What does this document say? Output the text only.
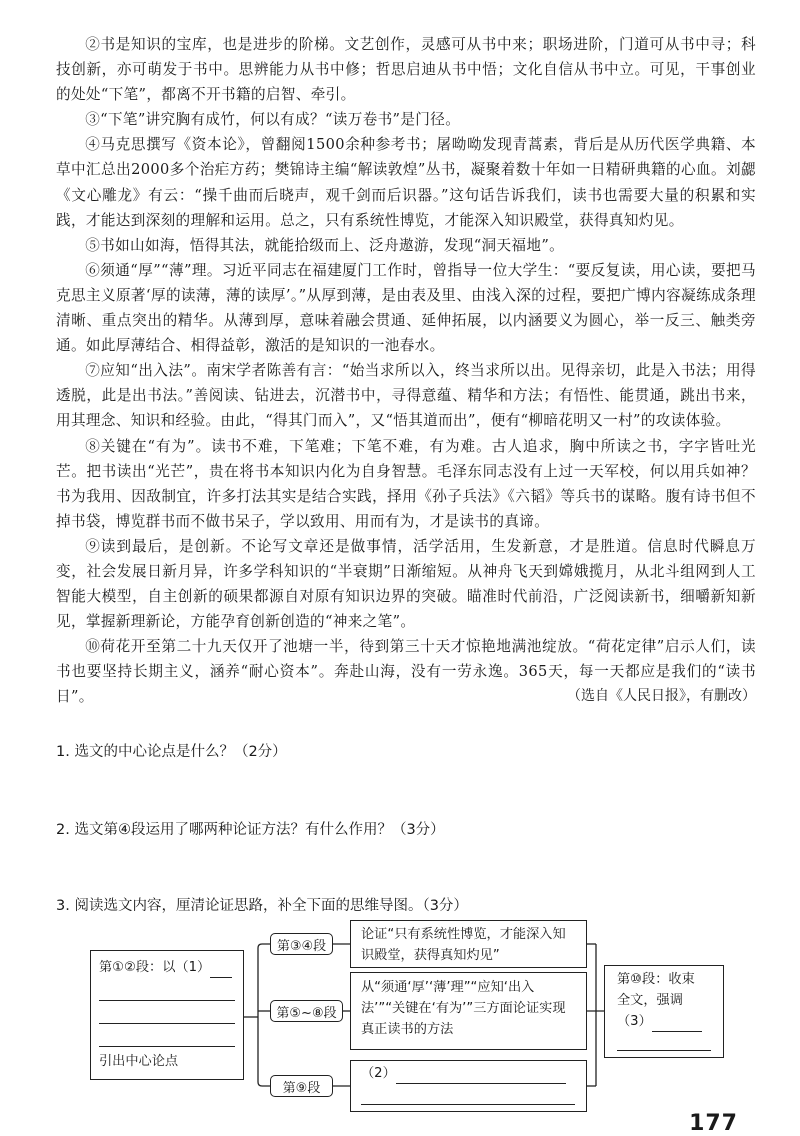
②书是知识的宝库，也是进步的阶梯。文艺创作，灵感可从书中来；职场进阶，门道可从书中寻；科技创新，亦可萌发于书中。思辨能力从书中修；哲思启迪从书中悟；文化自信从书中立。可见，干事创业的处处“下笔”，都离不开书籍的启智、牵引。

③“下笔”讲究胸有成竹，何以有成？“读万卷书”是门径。

④马克思撰写《资本论》，曾翻阅1500余种参考书；屠呦呦发现青蒿素，背后是从历代医学典籍、本草中汇总出2000多个治疟方药；樊锦诗主编“解读敦煌”丛书，凝聚着数十年如一日精研典籍的心血。刘勰《文心雕龙》有云：“操千曲而后晓声，观千剑而后识器。”这句话告诉我们，读书也需要大量的积累和实践，才能达到深刻的理解和运用。总之，只有系统性博览，才能深入知识殿堂，获得真知灼见。

⑤书如山如海，悟得其法，就能拾级而上、泛舟遨游，发现“洞天福地”。

⑥须通“厚”“薄”理。习近平同志在福建厦门工作时，曾指导一位大学生：“要反复读，用心读，要把马克思主义原著‘厚的读薄，薄的读厚’。”从厚到薄，是由表及里、由浅入深的过程，要把广博内容凝练成条理清晰、重点突出的精华。从薄到厚，意味着融会贯通、延伸拓展，以内涵要义为圆心，举一反三、触类旁通。如此厚薄结合、相得益彰，激活的是知识的一池春水。

⑦应知“出入法”。南宋学者陈善有言：“始当求所以入，终当求所以出。见得亲切，此是入书法；用得透脱，此是出书法。”善阅读、钻进去，沉潜书中，寻得意蕴、精华和方法；有悟性、能贯通，跳出书来，用其理念、知识和经验。由此，“得其门而入”，又“悟其道而出”，便有“柳暗花明又一村”的攻读体验。

⑧关键在“有为”。读书不难，下笔难；下笔不难，有为难。古人追求，胸中所读之书，字字皆吐光芒。把书读出“光芒”，贵在将书本知识内化为自身智慧。毛泽东同志没有上过一天军校，何以用兵如神？书为我用、因敌制宜，许多打法其实是结合实践，择用《孙子兵法》《六韬》等兵书的谋略。腹有诗书但不掉书袋，博览群书而不做书呆子，学以致用、用而有为，才是读书的真谛。

⑨读到最后，是创新。不论写文章还是做事情，活学活用，生发新意，才是胜道。信息时代瞬息万变，社会发展日新月异，许多学科知识的“半衰期”日渐缩短。从神舟飞天到嫦娥揽月，从北斗组网到人工智能大模型，自主创新的硕果都源自对原有知识边界的突破。瞄准时代前沿，广泛阅读新书，细嚼新知新见，掌握新理新论，方能孕育创新创造的“神来之笔”。

⑩荷花开至第二十九天仅开了池塘一半，待到第三十天才惊艳地满池绽放。“荷花定律”启示人们，读书也要坚持长期主义，涵养“耐心资本”。奔赴山海，没有一劳永逸。365天，每一天都应是我们的“读书日”。	（选自《人民日报》，有删改）
1. 选文的中心论点是什么？（2分）
2. 选文第④段运用了哪两种论证方法？有什么作用？（3分）
3. 阅读选文内容，厘清论证思路，补全下面的思维导图。（3分）
第①②段：以（1）
引出中心论点
第③④段
第⑤~⑧段
第⑨段
论证“只有系统性博览，才能深入知识殿堂，获得真知灼见”
从“须通‘厚’‘薄’理”“应知‘出入法’”“关键在‘有为’”三方面论证实现真正读书的方法
（2）
第⑩段：收束
全文，强调
（3）
177
